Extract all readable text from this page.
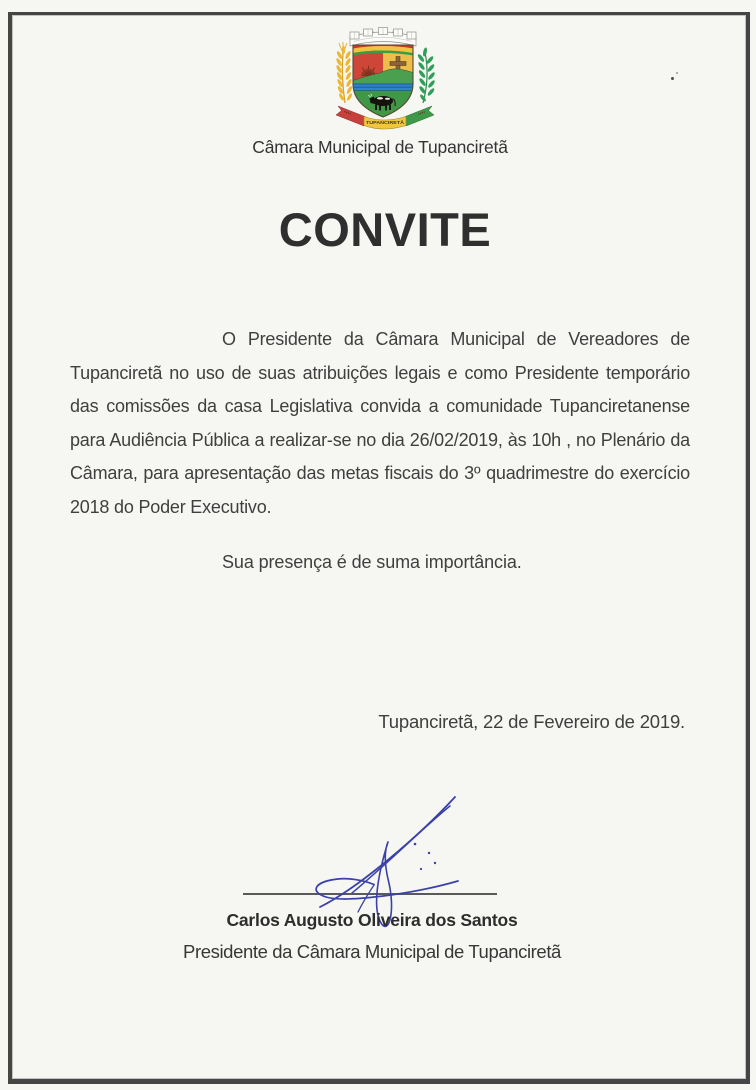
TUPANCIRETÃ
Câmara Municipal de Tupanciretã
CONVITE

O Presidente da Câmara Municipal de Vereadores de Tupanciretã no uso de suas atribuições legais e como Presidente temporário das comissões da casa Legislativa convida a comunidade Tupanciretanense para Audiência Pública a realizar-se no dia 26/02/2019, às 10h , no Plenário da Câmara, para apresentação das metas fiscais do 3º quadrimestre do exercício 2018 do Poder Executivo.

Sua presença é de suma importância.

Tupanciretã, 22 de Fevereiro de 2019.

Carlos Augusto Oliveira dos Santos
Presidente da Câmara Municipal de Tupanciretã
